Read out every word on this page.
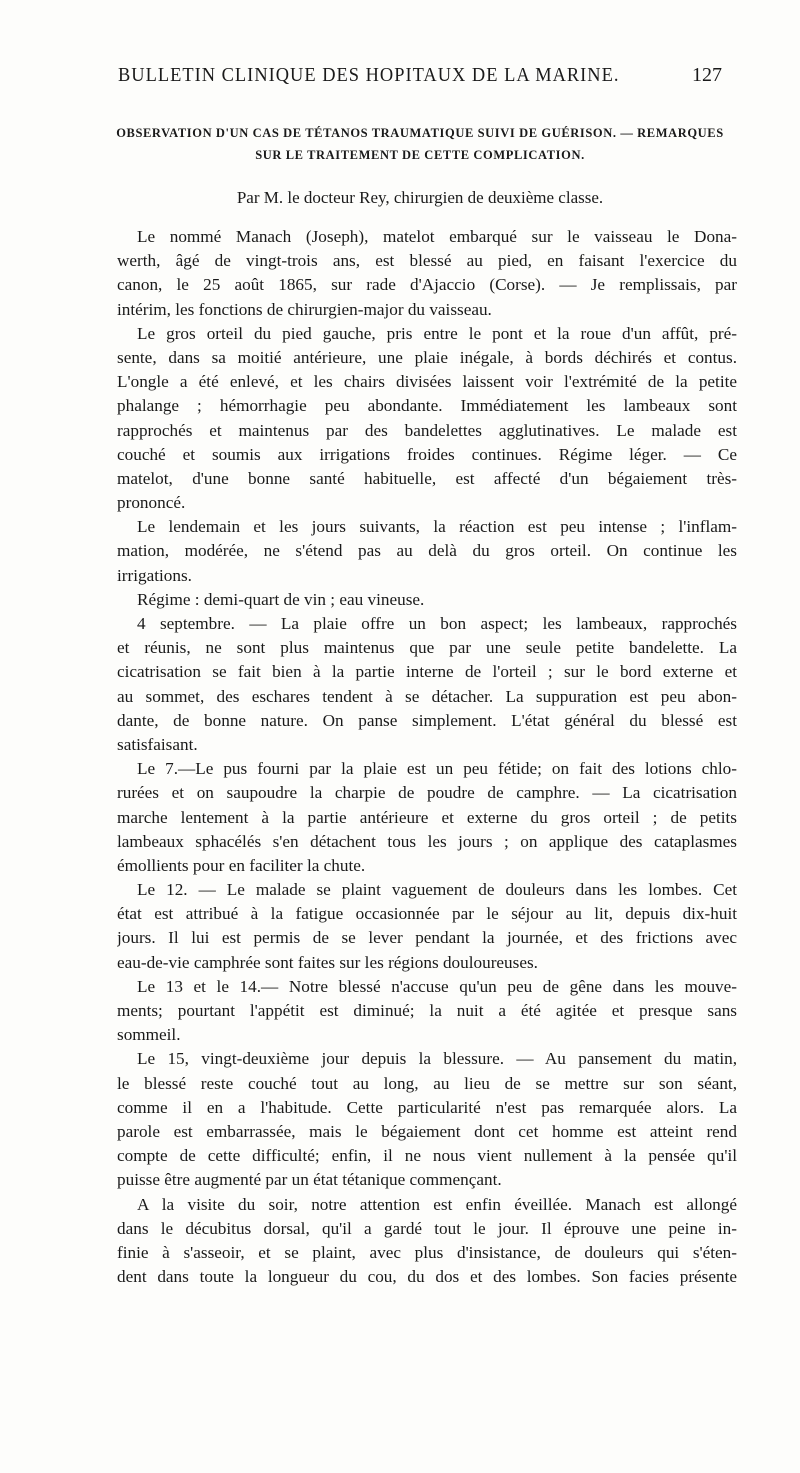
BULLETIN CLINIQUE DES HOPITAUX DE LA MARINE.	127
OBSERVATION D'UN CAS DE TÉTANOS TRAUMATIQUE SUIVI DE GUÉRISON. — REMARQUES
SUR LE TRAITEMENT DE CETTE COMPLICATION.
Par M. le docteur Rey, chirurgien de deuxième classe.
Le nommé Manach (Joseph), matelot embarqué sur le vaisseau le Dona-
werth, âgé de vingt-trois ans, est blessé au pied, en faisant l'exercice du
canon, le 25 août 1865, sur rade d'Ajaccio (Corse). — Je remplissais, par
intérim, les fonctions de chirurgien-major du vaisseau.
Le gros orteil du pied gauche, pris entre le pont et la roue d'un affût, pré-
sente, dans sa moitié antérieure, une plaie inégale, à bords déchirés et contus.
L'ongle a été enlevé, et les chairs divisées laissent voir l'extrémité de la petite
phalange ; hémorrhagie peu abondante. Immédiatement les lambeaux sont
rapprochés et maintenus par des bandelettes agglutinatives. Le malade est
couché et soumis aux irrigations froides continues. Régime léger. — Ce
matelot, d'une bonne santé habituelle, est affecté d'un bégaiement très-
prononcé.
Le lendemain et les jours suivants, la réaction est peu intense ; l'inflam-
mation, modérée, ne s'étend pas au delà du gros orteil. On continue les
irrigations.
Régime : demi-quart de vin ; eau vineuse.
4 septembre. — La plaie offre un bon aspect; les lambeaux, rapprochés
et réunis, ne sont plus maintenus que par une seule petite bandelette. La
cicatrisation se fait bien à la partie interne de l'orteil ; sur le bord externe et
au sommet, des eschares tendent à se détacher. La suppuration est peu abon-
dante, de bonne nature. On panse simplement. L'état général du blessé est
satisfaisant.
Le 7.—Le pus fourni par la plaie est un peu fétide; on fait des lotions chlo-
rurées et on saupoudre la charpie de poudre de camphre. — La cicatrisation
marche lentement à la partie antérieure et externe du gros orteil ; de petits
lambeaux sphacélés s'en détachent tous les jours ; on applique des cataplasmes
émollients pour en faciliter la chute.
Le 12. — Le malade se plaint vaguement de douleurs dans les lombes. Cet
état est attribué à la fatigue occasionnée par le séjour au lit, depuis dix-huit
jours. Il lui est permis de se lever pendant la journée, et des frictions avec
eau-de-vie camphrée sont faites sur les régions douloureuses.
Le 13 et le 14.— Notre blessé n'accuse qu'un peu de gêne dans les mouve-
ments; pourtant l'appétit est diminué; la nuit a été agitée et presque sans
sommeil.
Le 15, vingt-deuxième jour depuis la blessure. — Au pansement du matin,
le blessé reste couché tout au long, au lieu de se mettre sur son séant,
comme il en a l'habitude. Cette particularité n'est pas remarquée alors. La
parole est embarrassée, mais le bégaiement dont cet homme est atteint rend
compte de cette difficulté; enfin, il ne nous vient nullement à la pensée qu'il
puisse être augmenté par un état tétanique commençant.
A la visite du soir, notre attention est enfin éveillée. Manach est allongé
dans le décubitus dorsal, qu'il a gardé tout le jour. Il éprouve une peine in-
finie à s'asseoir, et se plaint, avec plus d'insistance, de douleurs qui s'éten-
dent dans toute la longueur du cou, du dos et des lombes. Son facies présente
